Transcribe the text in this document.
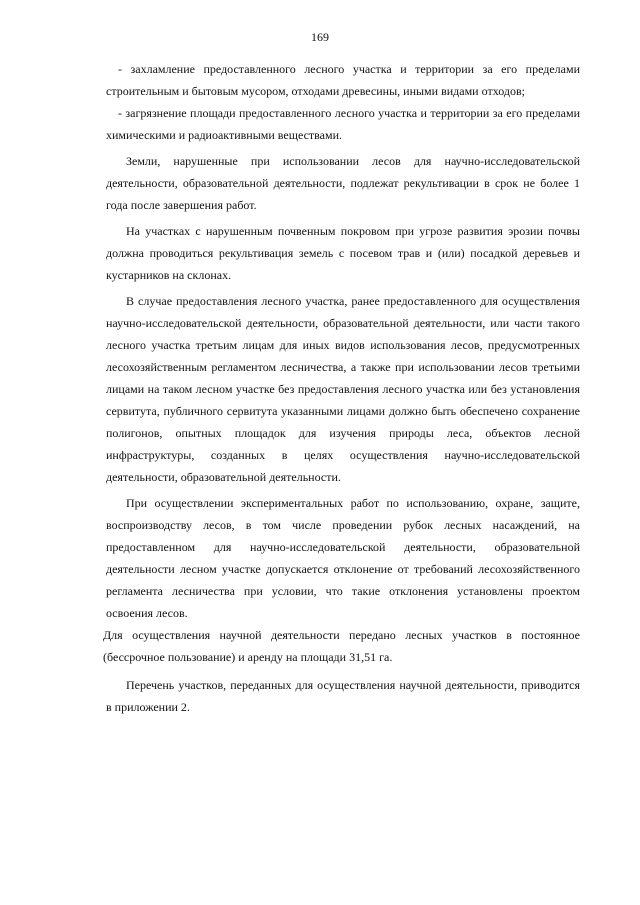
169

- захламление предоставленного лесного участка и территории за его пределами строительным и бытовым мусором, отходами древесины, иными видами отходов;

- загрязнение площади предоставленного лесного участка и территории за его пределами химическими и радиоактивными веществами.

Земли, нарушенные при использовании лесов для научно-исследовательской деятельности, образовательной деятельности, подлежат рекультивации в срок не более 1 года после завершения работ.

На участках с нарушенным почвенным покровом при угрозе развития эрозии почвы должна проводиться рекультивация земель с посевом трав и (или) посадкой деревьев и кустарников на склонах.

В случае предоставления лесного участка, ранее предоставленного для осуществления научно-исследовательской деятельности, образовательной деятельности, или части такого лесного участка третьим лицам для иных видов использования лесов, предусмотренных лесохозяйственным регламентом лесничества, а также при использовании лесов третьими лицами на таком лесном участке без предоставления лесного участка или без установления сервитута, публичного сервитута указанными лицами должно быть обеспечено сохранение полигонов, опытных площадок для изучения природы леса, объектов лесной инфраструктуры, созданных в целях осуществления научно-исследовательской деятельности, образовательной деятельности.

При осуществлении экспериментальных работ по использованию, охране, защите, воспроизводству лесов, в том числе проведении рубок лесных насаждений, на предоставленном для научно-исследовательской деятельности, образовательной деятельности лесном участке допускается отклонение от требований лесохозяйственного регламента лесничества при условии, что такие отклонения установлены проектом освоения лесов.

Для осуществления научной деятельности передано лесных участков в постоянное (бессрочное пользование) и аренду на площади 31,51 га.

Перечень участков, переданных для осуществления научной деятельности, приводится в приложении 2.
